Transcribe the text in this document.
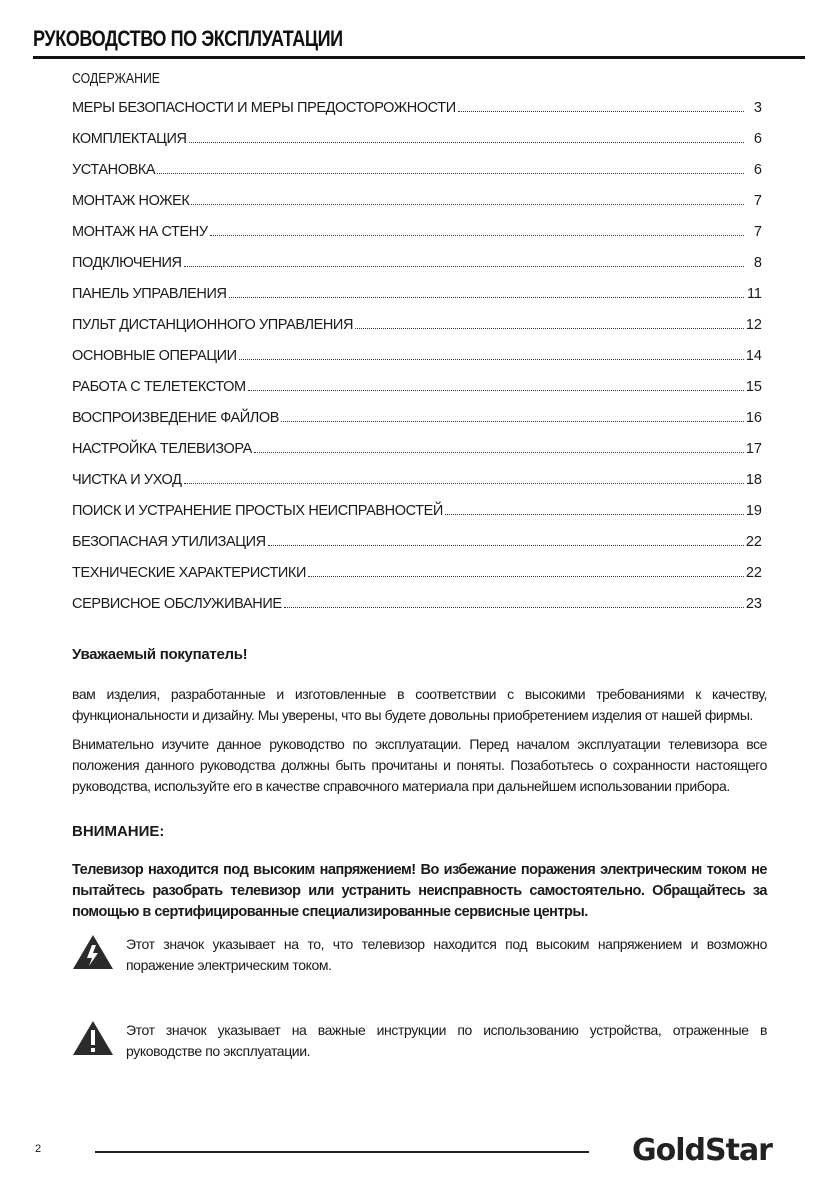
РУКОВОДСТВО ПО ЭКСПЛУАТАЦИИ
СОДЕРЖАНИЕ
МЕРЫ БЕЗОПАСНОСТИ И МЕРЫ ПРЕДОСТОРОЖНОСТИ	3
КОМПЛЕКТАЦИЯ	6
УСТАНОВКА	6
МОНТАЖ НОЖЕК	7
МОНТАЖ НА СТЕНУ	7
ПОДКЛЮЧЕНИЯ	8
ПАНЕЛЬ УПРАВЛЕНИЯ	11
ПУЛЬТ ДИСТАНЦИОННОГО УПРАВЛЕНИЯ	12
ОСНОВНЫЕ ОПЕРАЦИИ	14
РАБОТА С ТЕЛЕТЕКСТОМ	15
ВОСПРОИЗВЕДЕНИЕ ФАЙЛОВ	16
НАСТРОЙКА ТЕЛЕВИЗОРА	17
ЧИСТКА И УХОД	18
ПОИСК И УСТРАНЕНИЕ ПРОСТЫХ НЕИСПРАВНОСТЕЙ	19
БЕЗОПАСНАЯ УТИЛИЗАЦИЯ	22
ТЕХНИЧЕСКИЕ ХАРАКТЕРИСТИКИ	22
СЕРВИСНОЕ ОБСЛУЖИВАНИЕ	23
Уважаемый покупатель!
вам изделия, разработанные и изготовленные в соответствии с высокими требованиями к качеству, функциональности и дизайну. Мы уверены, что вы будете довольны приобретением изделия от нашей фирмы.
Внимательно изучите данное руководство по эксплуатации. Перед началом эксплуатации телевизора все положения данного руководства должны быть прочитаны и поняты. Позаботьтесь о сохранности настоящего руководства, используйте его в качестве справочного материала при дальнейшем использовании прибора.
ВНИМАНИЕ:
Телевизор находится под высоким напряжением! Во избежание поражения электрическим током не пытайтесь разобрать телевизор или устранить неисправность самостоятельно. Обращайтесь за помощью в сертифицированные специализированные сервисные центры.
Этот значок указывает на то, что телевизор находится под высоким напряжением и возможно поражение электрическим током.
Этот значок указывает на важные инструкции по использованию устройства, отраженные в руководстве по эксплуатации.
2	GoldStar
